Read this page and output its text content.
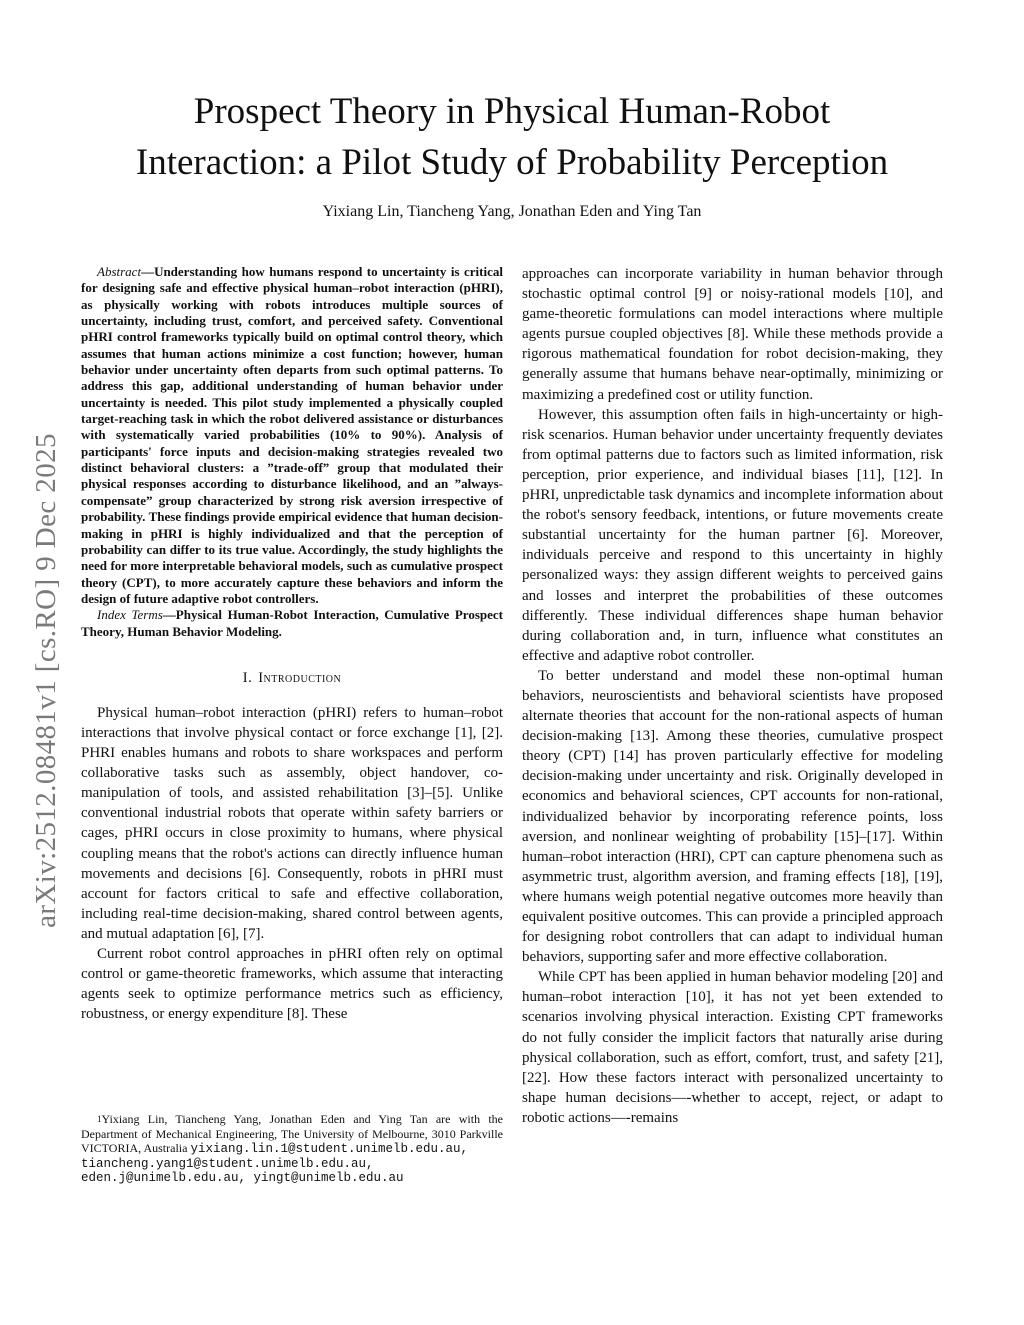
arXiv:2512.08481v1 [cs.RO] 9 Dec 2025
Prospect Theory in Physical Human-Robot
Interaction: a Pilot Study of Probability Perception

Yixiang Lin, Tiancheng Yang, Jonathan Eden and Ying Tan

Abstract—Understanding how humans respond to uncertainty is critical for designing safe and effective physical human–robot interaction (pHRI), as physically working with robots introduces multiple sources of uncertainty, including trust, comfort, and perceived safety. Conventional pHRI control frameworks typically build on optimal control theory, which assumes that human actions minimize a cost function; however, human behavior under uncertainty often departs from such optimal patterns. To address this gap, additional understanding of human behavior under uncertainty is needed. This pilot study implemented a physically coupled target-reaching task in which the robot delivered assistance or disturbances with systematically varied probabilities (10% to 90%). Analysis of participants' force inputs and decision-making strategies revealed two distinct behavioral clusters: a ”trade-off” group that modulated their physical responses according to disturbance likelihood, and an ”always-compensate” group characterized by strong risk aversion irrespective of probability. These findings provide empirical evidence that human decision-making in pHRI is highly individualized and that the perception of probability can differ to its true value. Accordingly, the study highlights the need for more interpretable behavioral models, such as cumulative prospect theory (CPT), to more accurately capture these behaviors and inform the design of future adaptive robot controllers.

Index Terms—Physical Human-Robot Interaction, Cumulative Prospect Theory, Human Behavior Modeling.

I. Introduction

Physical human–robot interaction (pHRI) refers to human–robot interactions that involve physical contact or force exchange [1], [2]. PHRI enables humans and robots to share workspaces and perform collaborative tasks such as assembly, object handover, co-manipulation of tools, and assisted rehabilitation [3]–[5]. Unlike conventional industrial robots that operate within safety barriers or cages, pHRI occurs in close proximity to humans, where physical coupling means that the robot's actions can directly influence human movements and decisions [6]. Consequently, robots in pHRI must account for factors critical to safe and effective collaboration, including real-time decision-making, shared control between agents, and mutual adaptation [6], [7].

Current robot control approaches in pHRI often rely on optimal control or game-theoretic frameworks, which assume that interacting agents seek to optimize performance metrics such as efficiency, robustness, or energy expenditure [8]. These

approaches can incorporate variability in human behavior through stochastic optimal control [9] or noisy-rational models [10], and game-theoretic formulations can model interactions where multiple agents pursue coupled objectives [8]. While these methods provide a rigorous mathematical foundation for robot decision-making, they generally assume that humans behave near-optimally, minimizing or maximizing a predefined cost or utility function.

However, this assumption often fails in high-uncertainty or high-risk scenarios. Human behavior under uncertainty frequently deviates from optimal patterns due to factors such as limited information, risk perception, prior experience, and individual biases [11], [12]. In pHRI, unpredictable task dynamics and incomplete information about the robot's sensory feedback, intentions, or future movements create substantial uncertainty for the human partner [6]. Moreover, individuals perceive and respond to this uncertainty in highly personalized ways: they assign different weights to perceived gains and losses and interpret the probabilities of these outcomes differently. These individual differences shape human behavior during collaboration and, in turn, influence what constitutes an effective and adaptive robot controller.

To better understand and model these non-optimal human behaviors, neuroscientists and behavioral scientists have proposed alternate theories that account for the non-rational aspects of human decision-making [13]. Among these theories, cumulative prospect theory (CPT) [14] has proven particularly effective for modeling decision-making under uncertainty and risk. Originally developed in economics and behavioral sciences, CPT accounts for non-rational, individualized behavior by incorporating reference points, loss aversion, and nonlinear weighting of probability [15]–[17]. Within human–robot interaction (HRI), CPT can capture phenomena such as asymmetric trust, algorithm aversion, and framing effects [18], [19], where humans weigh potential negative outcomes more heavily than equivalent positive outcomes. This can provide a principled approach for designing robot controllers that can adapt to individual human behaviors, supporting safer and more effective collaboration.

While CPT has been applied in human behavior modeling [20] and human–robot interaction [10], it has not yet been extended to scenarios involving physical interaction. Existing CPT frameworks do not fully consider the implicit factors that naturally arise during physical collaboration, such as effort, comfort, trust, and safety [21], [22]. How these factors interact with personalized uncertainty to shape human decisions—-whether to accept, reject, or adapt to robotic actions—-remains

$^1$Yixiang Lin, Tiancheng Yang, Jonathan Eden and Ying Tan are with the Department of Mechanical Engineering, The University of Melbourne, 3010 Parkville VICTORIA, Australia yixiang.lin.1@student.unimelb.edu.au,
tiancheng.yang1@student.unimelb.edu.au,
eden.j@unimelb.edu.au, yingt@unimelb.edu.au
